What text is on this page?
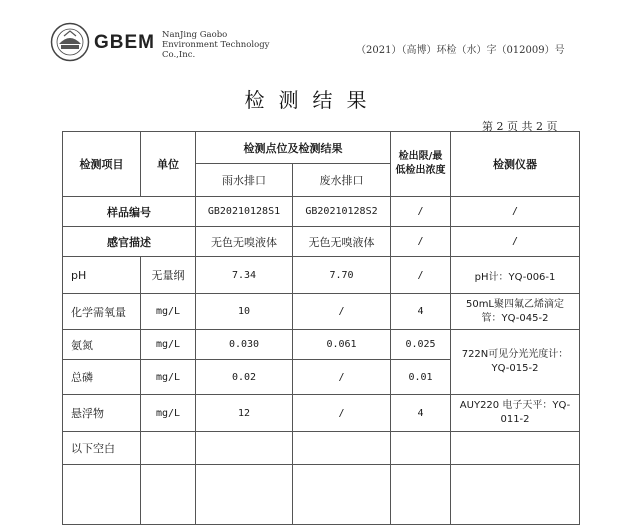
GBEM NanJing Gaobo
Environment Technology
Co.,Inc.	（2021）（高博）环检（水）字（012009）号
检测结果
第 2 页 共 2 页
检测项目	单位	检测点位及检测结果		检出限/最低检出浓度	检测仪器
		雨水排口	废水排口		
样品编号		GB20210128S1	GB20210128S2	/	/
感官描述		无色无嗅液体	无色无嗅液体	/	/
pH	无量纲	7.34	7.70	/	pH计：YQ-006-1
化学需氧量	mg/L	10	/	4	50mL聚四氟乙烯滴定管：YQ-045-2
氨氮	mg/L	0.030	0.061	0.025	722N可见分光光度计：YQ-015-2
总磷	mg/L	0.02	/	0.01	
悬浮物	mg/L	12	/	4	AUY220 电子天平：YQ-011-2
以下空白					
